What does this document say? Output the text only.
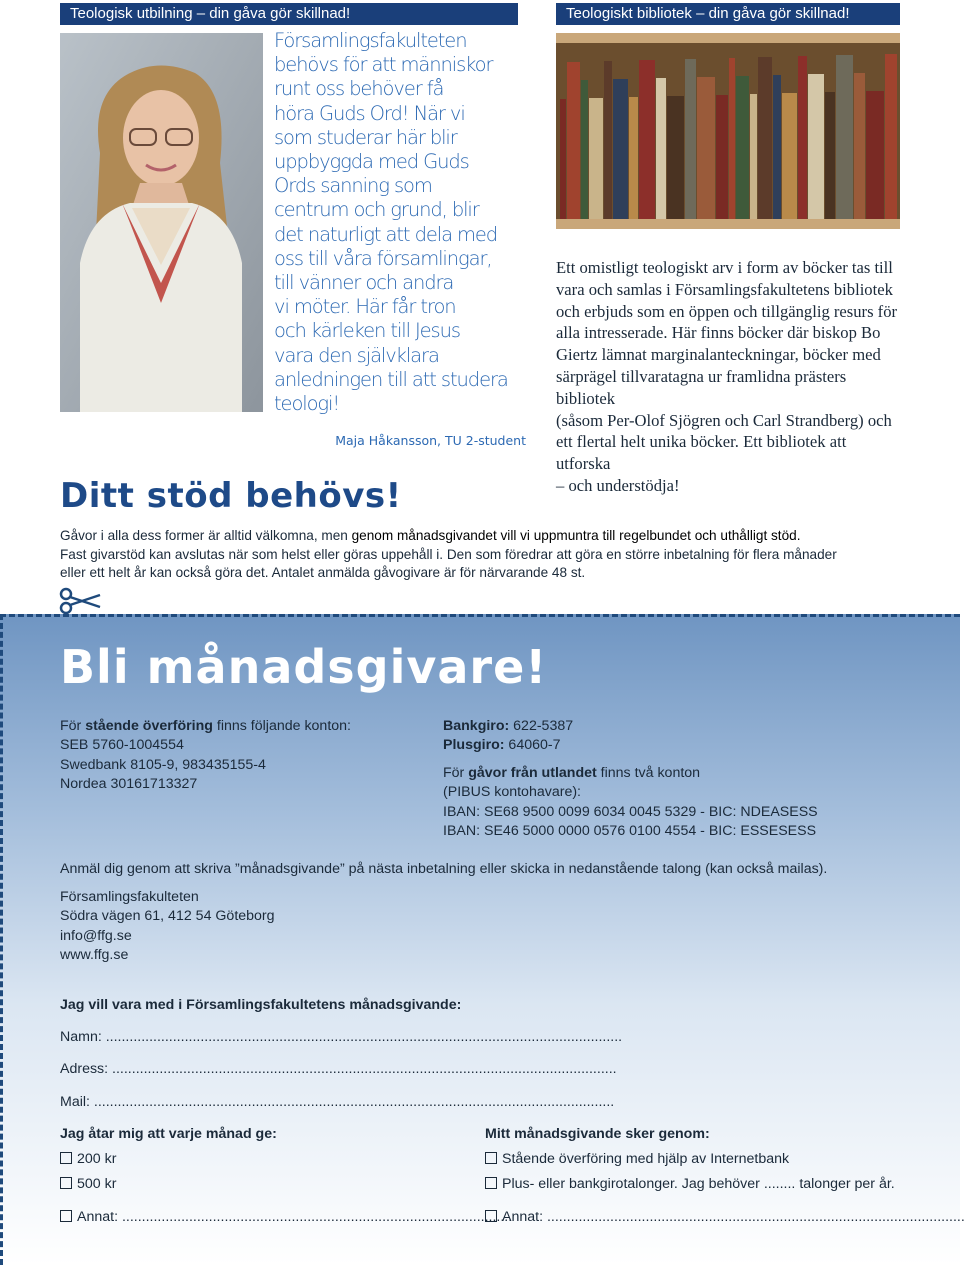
Teologisk utbilning – din gåva gör skillnad!	Teologiskt bibliotek – din gåva gör skillnad!
Församlingsfakulteten
behövs för att människor
runt oss behöver få
höra Guds Ord! När vi
som studerar här blir
uppbyggda med Guds
Ords sanning som
centrum och grund, blir
det naturligt att dela med
oss till våra församlingar,
till vänner och andra
vi möter. Här får tron
och kärleken till Jesus
vara den självklara
anledningen till att studera
teologi!
Maja Håkansson, TU 2-student
Ett omistligt teologiskt arv i form av böcker tas till
vara och samlas i Församlingsfakultetens bibliotek
och erbjuds som en öppen och tillgänglig resurs för
alla intresserade. Här finns böcker där biskop Bo
Giertz lämnat marginalanteckningar, böcker med
särprägel tillvaratagna ur framlidna prästers bibliotek
(såsom Per-Olof Sjögren och Carl Strandberg) och
ett flertal helt unika böcker. Ett bibliotek att utforska
– och understödja!
Ditt stöd behövs!
Gåvor i alla dess former är alltid välkomna, men genom månadsgivandet vill vi uppmuntra till regelbundet och uthålligt stöd.
Fast givarstöd kan avslutas när som helst eller göras uppehåll i. Den som föredrar att göra en större inbetalning för flera månader
eller ett helt år kan också göra det. Antalet anmälda gåvogivare är för närvarande 48 st.
Bli månadsgivare!
För stående överföring finns följande konton:
SEB 5760-1004554
Swedbank 8105-9, 983435155-4
Nordea 30161713327
Bankgiro: 622-5387
Plusgiro: 64060-7
För gåvor från utlandet finns två konton
(PIBUS kontohavare):
IBAN: SE68 9500 0099 6034 0045 5329 - BIC: NDEASESS
IBAN: SE46 5000 0000 0576 0100 4554 - BIC: ESSESESS
Anmäl dig genom att skriva ”månadsgivande” på nästa inbetalning eller skicka in nedanstående talong (kan också mailas).
Församlingsfakulteten
Södra vägen 61, 412 54 Göteborg
info@ffg.se
www.ffg.se
Jag vill vara med i Församlingsfakultetens månadsgivande:
Namn: ...................................................................................................................................
Adress: ................................................................................................................................
Mail: ....................................................................................................................................
Jag åtar mig att varje månad ge:
200 kr
500 kr
Annat: ...................................................................................................
Mitt månadsgivande sker genom:
Stående överföring med hjälp av Internetbank
Plus- eller bankgirotalonger. Jag behöver ........ talonger per år.
Annat: ..........................................................................................................
